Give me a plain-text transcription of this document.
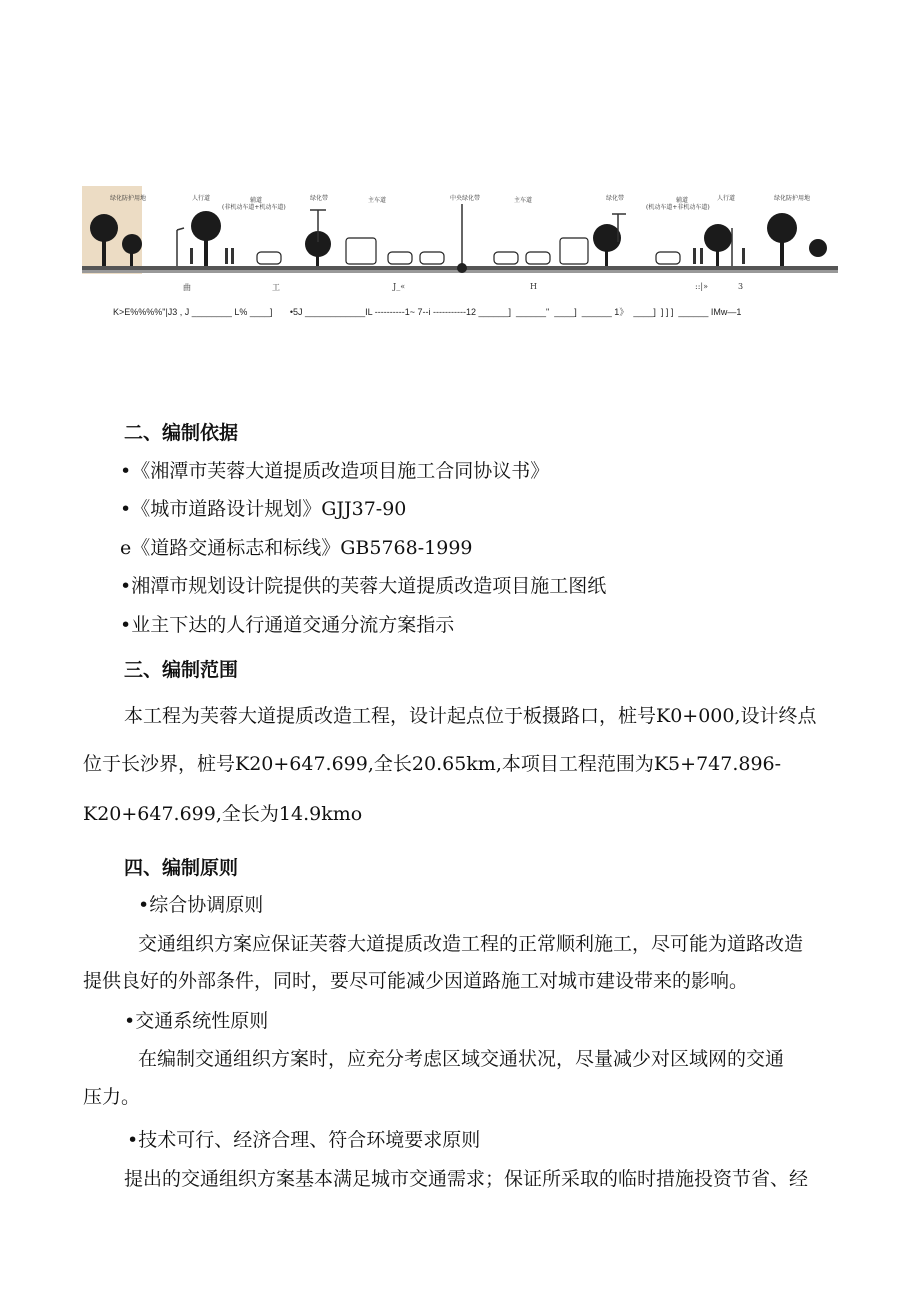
绿化防护用地	人行道	辅道
(非机动车道+机动车道)
绿化带	主车道	中央绿化带	主车道	绿化带	辅道
(机动车道+非机动车道)
人行道	绿化防护用地
曲	工	J_«	H	::|»	3
K>E%%%%"|J3 , J ________ L% ____]       •5J ____________IL ----------1~ 7--i -----------12 ______]  ______"  ____]  ______ 1》  ____]  ] ] ]  ______ IMw—1
二、编制依据
•《湘潭市芙蓉大道提质改造项目施工合同协议书》
•《城市道路设计规划》GJJ37-90
e《道路交通标志和标线》GB5768-1999
•湘潭市规划设计院提供的芙蓉大道提质改造项目施工图纸
•业主下达的人行通道交通分流方案指示
三、编制范围
本工程为芙蓉大道提质改造工程，设计起点位于板摄路口，桩号K0+000,设计终点
位于长沙界，桩号K20+647.699,全长20.65km,本项目工程范围为K5+747.896-
K20+647.699,全长为14.9kmo
四、编制原则
•综合协调原则
交通组织方案应保证芙蓉大道提质改造工程的正常顺利施工，尽可能为道路改造
提供良好的外部条件，同时，要尽可能减少因道路施工对城市建设带来的影响。
•交通系统性原则
在编制交通组织方案时，应充分考虑区域交通状况，尽量减少对区域网的交通
压力。
•技术可行、经济合理、符合环境要求原则
提出的交通组织方案基本满足城市交通需求；保证所采取的临时措施投资节省、经
